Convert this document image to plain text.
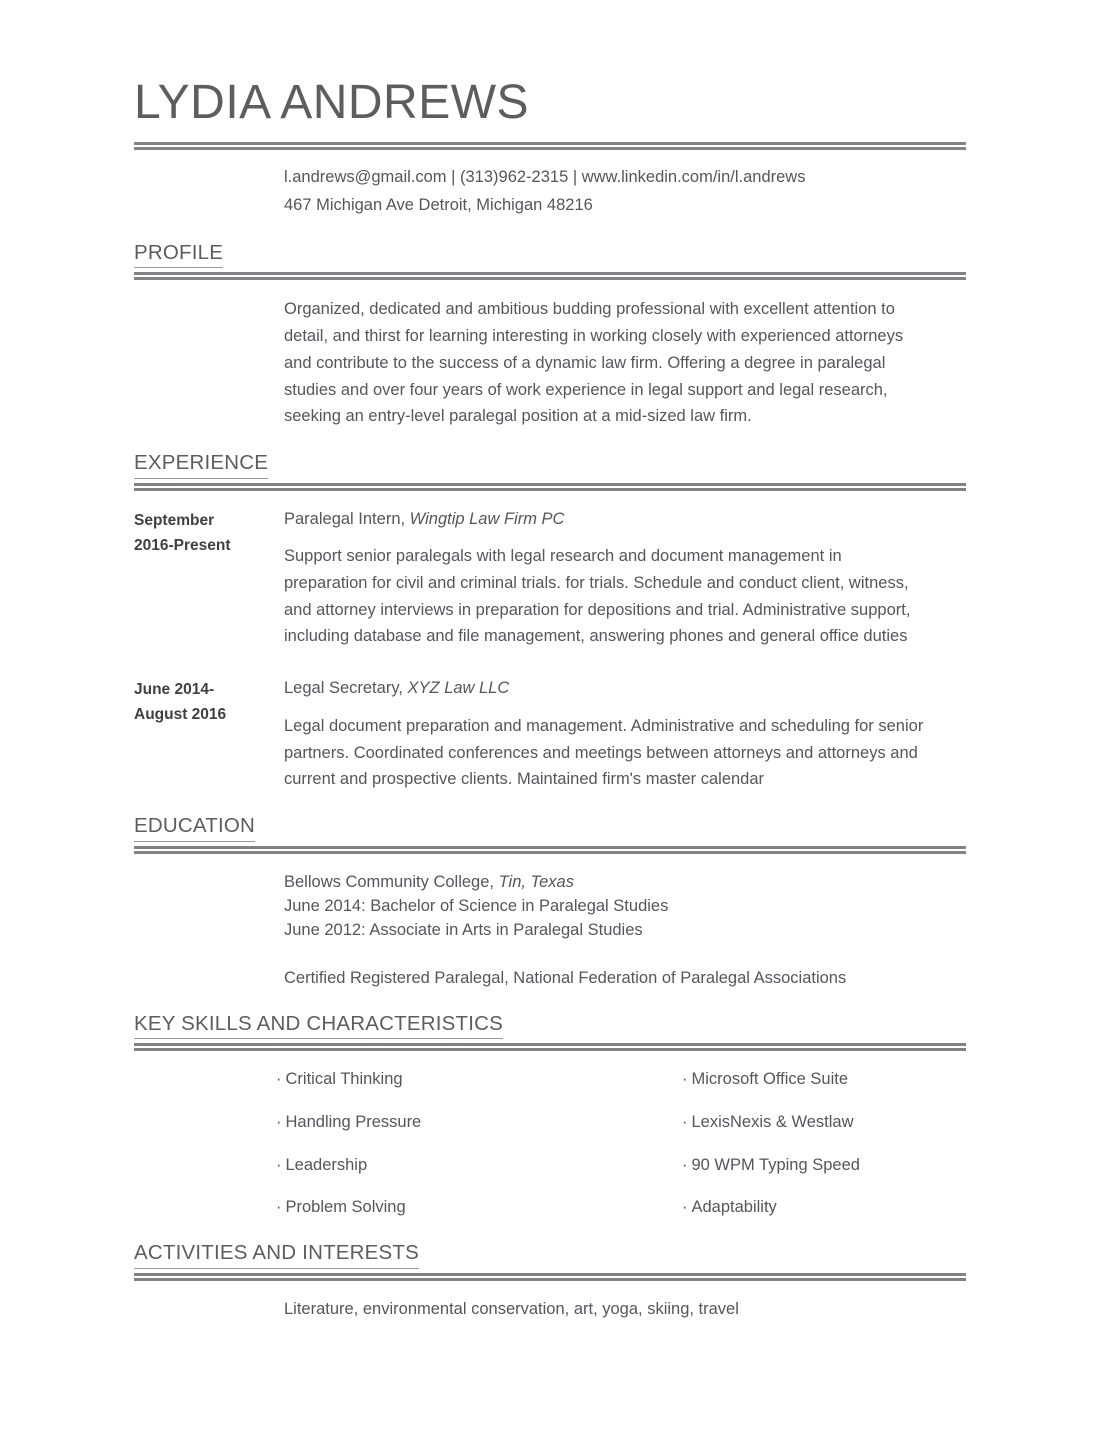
LYDIA ANDREWS
l.andrews@gmail.com | (313)962-2315 | www.linkedin.com/in/l.andrews
467 Michigan Ave Detroit, Michigan 48216
PROFILE

Organized, dedicated and ambitious budding professional with excellent attention to detail, and thirst for learning interesting in working closely with experienced attorneys and contribute to the success of a dynamic law firm. Offering a degree in paralegal studies and over four years of work experience in legal support and legal research, seeking an entry-level paralegal position at a mid-sized law firm.

EXPERIENCE
September
2016-Present
Paralegal Intern, Wingtip Law Firm PC

Support senior paralegals with legal research and document management in preparation for civil and criminal trials. for trials. Schedule and conduct client, witness, and attorney interviews in preparation for depositions and trial. Administrative support, including database and file management, answering phones and general office duties

June 2014-
August 2016
Legal Secretary, XYZ Law LLC

Legal document preparation and management. Administrative and scheduling for senior partners. Coordinated conferences and meetings between attorneys and attorneys and current and prospective clients. Maintained firm's master calendar

EDUCATION
Bellows Community College, Tin, Texas
June 2014: Bachelor of Science in Paralegal Studies
June 2012: Associate in Arts in Paralegal Studies
Certified Registered Paralegal, National Federation of Paralegal Associations
KEY SKILLS AND CHARACTERISTICS
· Critical Thinking
· Handling Pressure
· Leadership
· Problem Solving
· Microsoft Office Suite
· LexisNexis & Westlaw
· 90 WPM Typing Speed
· Adaptability
ACTIVITIES AND INTERESTS
Literature, environmental conservation, art, yoga, skiing, travel
